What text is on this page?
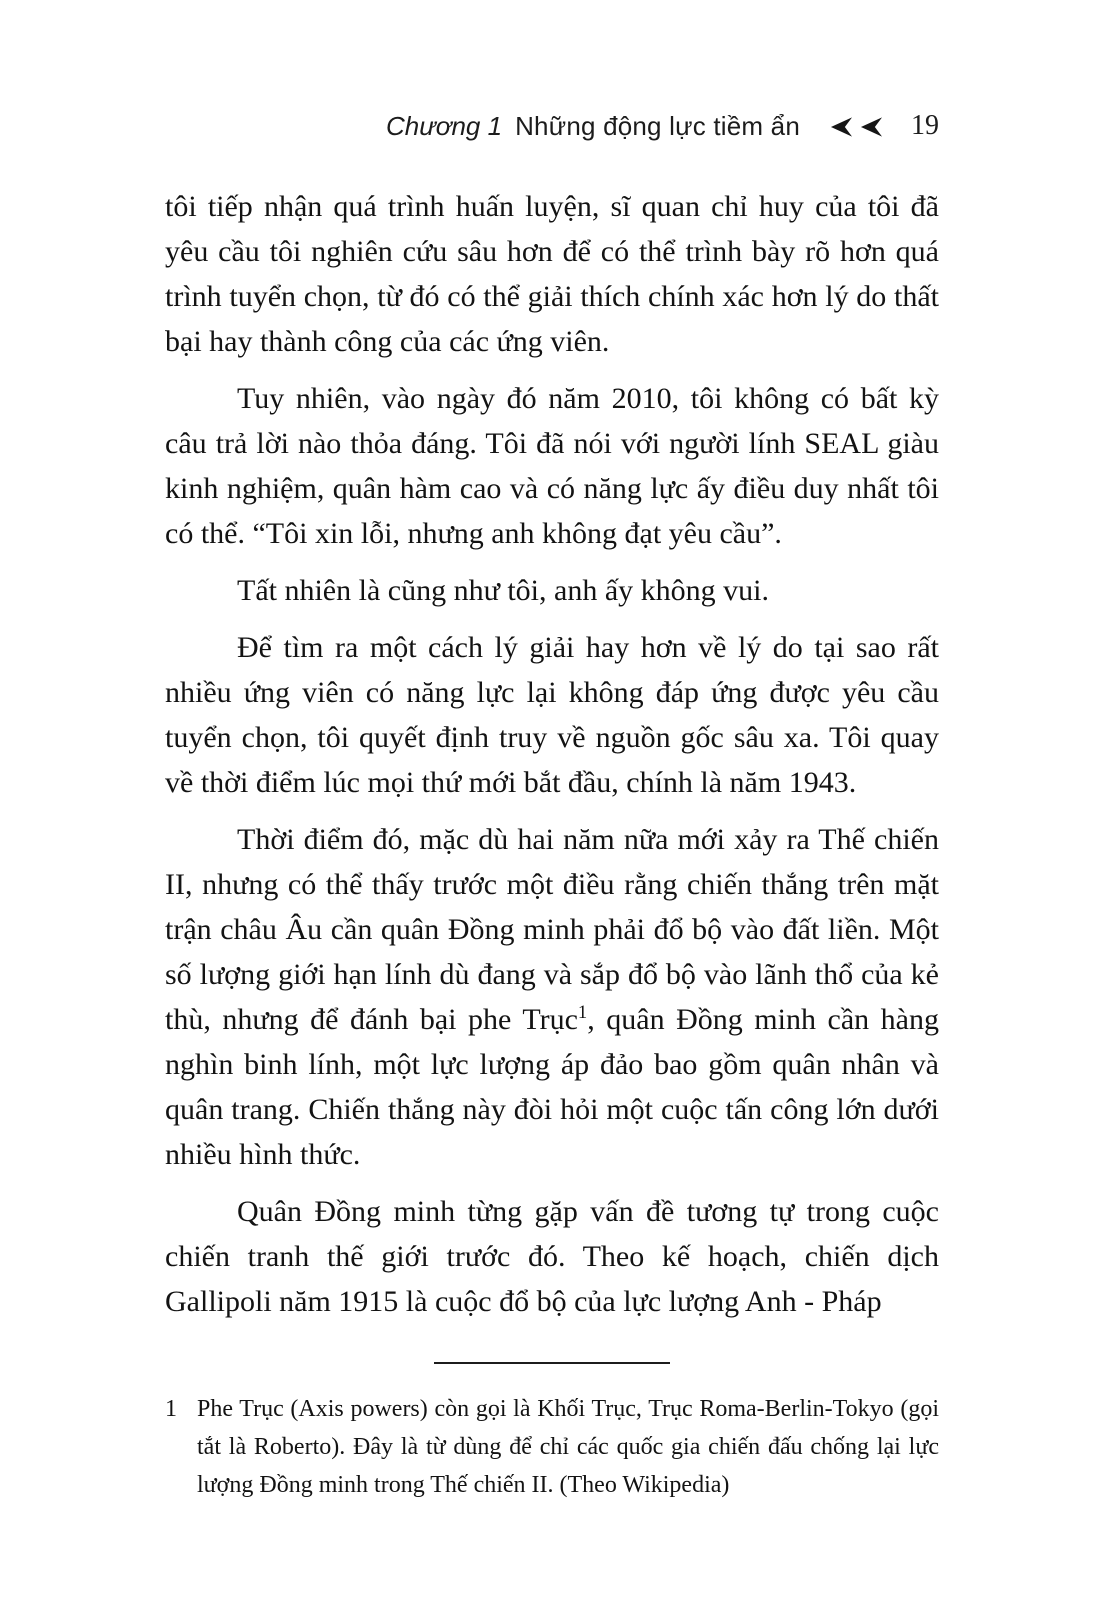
Chương 1 Những động lực tiềm ẩn	19

tôi tiếp nhận quá trình huấn luyện, sĩ quan chỉ huy của tôi đã yêu cầu tôi nghiên cứu sâu hơn để có thể trình bày rõ hơn quá trình tuyển chọn, từ đó có thể giải thích chính xác hơn lý do thất bại hay thành công của các ứng viên.

Tuy nhiên, vào ngày đó năm 2010, tôi không có bất kỳ câu trả lời nào thỏa đáng. Tôi đã nói với người lính SEAL giàu kinh nghiệm, quân hàm cao và có năng lực ấy điều duy nhất tôi có thể. “Tôi xin lỗi, nhưng anh không đạt yêu cầu”.

Tất nhiên là cũng như tôi, anh ấy không vui.

Để tìm ra một cách lý giải hay hơn về lý do tại sao rất nhiều ứng viên có năng lực lại không đáp ứng được yêu cầu tuyển chọn, tôi quyết định truy về nguồn gốc sâu xa. Tôi quay về thời điểm lúc mọi thứ mới bắt đầu, chính là năm 1943.

Thời điểm đó, mặc dù hai năm nữa mới xảy ra Thế chiến II, nhưng có thể thấy trước một điều rằng chiến thắng trên mặt trận châu Âu cần quân Đồng minh phải đổ bộ vào đất liền. Một số lượng giới hạn lính dù đang và sắp đổ bộ vào lãnh thổ của kẻ thù, nhưng để đánh bại phe Trục$^1$, quân Đồng minh cần hàng nghìn binh lính, một lực lượng áp đảo bao gồm quân nhân và quân trang. Chiến thắng này đòi hỏi một cuộc tấn công lớn dưới nhiều hình thức.

Quân Đồng minh từng gặp vấn đề tương tự trong cuộc chiến tranh thế giới trước đó. Theo kế hoạch, chiến dịch Gallipoli năm 1915 là cuộc đổ bộ của lực lượng Anh - Pháp

1 Phe Trục (Axis powers) còn gọi là Khối Trục, Trục Roma-Berlin-Tokyo (gọi tắt là Roberto). Đây là từ dùng để chỉ các quốc gia chiến đấu chống lại lực lượng Đồng minh trong Thế chiến II. (Theo Wikipedia)
